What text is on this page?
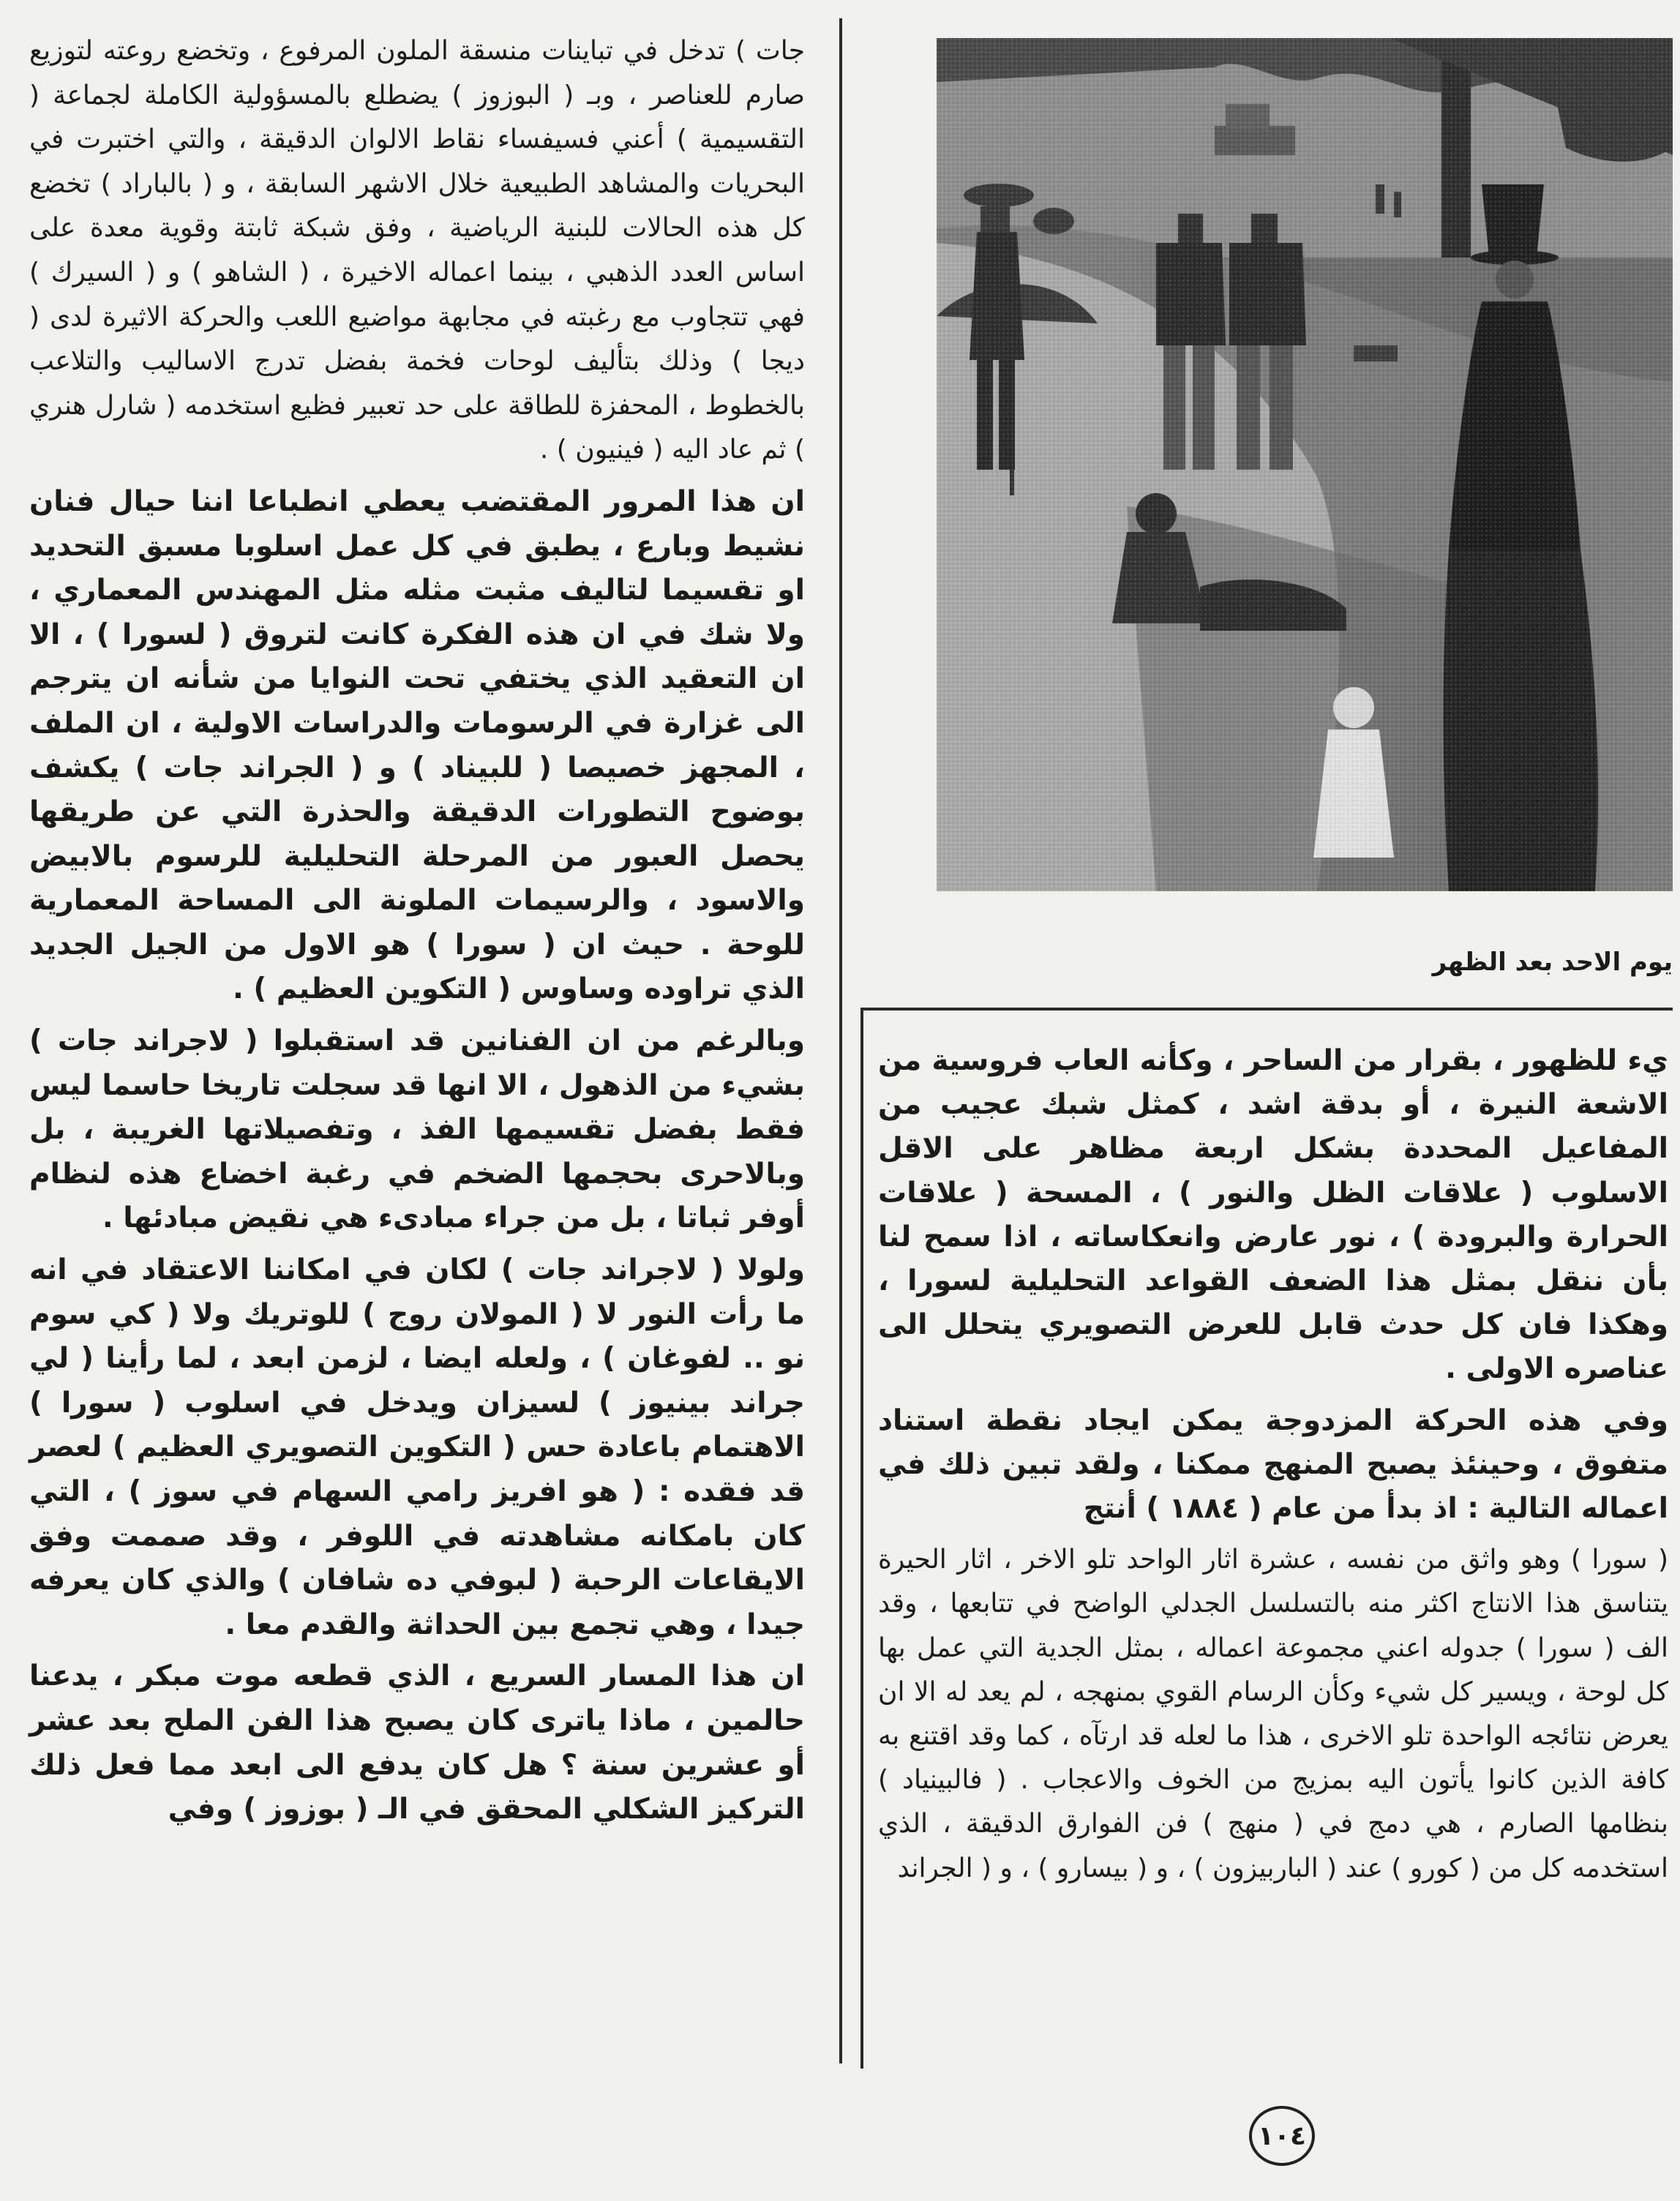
جات ) تدخل في تباينات منسقة الملون المرفوع ، وتخضع روعته لتوزيع صارم للعناصر ، وبـ ( البوزوز ) يضطلع بالمسؤولية الكاملة لجماعة ( التقسيمية ) أعني فسيفساء نقاط الالوان الدقيقة ، والتي اختبرت في البحريات والمشاهد الطبيعية خلال الاشهر السابقة ، و ( بالباراد ) تخضع كل هذه الحالات للبنية الرياضية ، وفق شبكة ثابتة وقوية معدة على اساس العدد الذهبي ، بينما اعماله الاخيرة ، ( الشاهو ) و ( السيرك ) فهي تتجاوب مع رغبته في مجابهة مواضيع اللعب والحركة الاثيرة لدى ( ديجا ) وذلك بتأليف لوحات فخمة بفضل تدرج الاساليب والتلاعب بالخطوط ، المحفزة للطاقة على حد تعبير فظيع استخدمه ( شارل هنري ) ثم عاد اليه ( فينيون ) .

ان هذا المرور المقتضب يعطي انطباعا اننا حيال فنان نشيط وبارع ، يطبق في كل عمل اسلوبا مسبق التحديد او تقسيما لتاليف مثبت مثله مثل المهندس المعماري ، ولا شك في ان هذه الفكرة كانت لتروق ( لسورا ) ، الا ان التعقيد الذي يختفي تحت النوايا من شأنه ان يترجم الى غزارة في الرسومات والدراسات الاولية ، ان الملف ، المجهز خصيصا ( للبيناد ) و ( الجراند جات ) يكشف بوضوح التطورات الدقيقة والحذرة التي عن طريقها يحصل العبور من المرحلة التحليلية للرسوم بالابيض والاسود ، والرسيمات الملونة الى المساحة المعمارية للوحة . حيث ان ( سورا ) هو الاول من الجيل الجديد الذي تراوده وساوس ( التكوين العظيم ) .

وبالرغم من ان الفنانين قد استقبلوا ( لاجراند جات ) بشيء من الذهول ، الا انها قد سجلت تاريخا حاسما ليس فقط بفضل تقسيمها الفذ ، وتفصيلاتها الغريبة ، بل وبالاحرى بحجمها الضخم في رغبة اخضاع هذه لنظام أوفر ثباتا ، بل من جراء مبادىء هي نقيض مبادئها .

ولولا ( لاجراند جات ) لكان في امكاننا الاعتقاد في انه ما رأت النور لا ( المولان روج ) للوتريك ولا ( كي سوم نو .. لفوغان ) ، ولعله ايضا ، لزمن ابعد ، لما رأينا ( لي جراند بينيوز ) لسيزان ويدخل في اسلوب ( سورا ) الاهتمام باعادة حس ( التكوين التصويري العظيم ) لعصر قد فقده : ( هو افريز رامي السهام في سوز ) ، التي كان بامكانه مشاهدته في اللوفر ، وقد صممت وفق الايقاعات الرحبة ( لبوفي ده شافان ) والذي كان يعرفه جيدا ، وهي تجمع بين الحداثة والقدم معا .

ان هذا المسار السريع ، الذي قطعه موت مبكر ، يدعنا حالمين ، ماذا ياترى كان يصبح هذا الفن الملح بعد عشر أو عشرين سنة ؟ هل كان يدفع الى ابعد مما فعل ذلك التركيز الشكلي المحقق في الـ ( بوزوز ) وفي

يوم الاحد بعد الظهر

يء للظهور ، بقرار من الساحر ، وكأنه العاب فروسية من الاشعة النيرة ، أو بدقة اشد ، كمثل شبك عجيب من المفاعيل المحددة بشكل اربعة مظاهر على الاقل الاسلوب ( علاقات الظل والنور ) ، المسحة ( علاقات الحرارة والبرودة ) ، نور عارض وانعكاساته ، اذا سمح لنا بأن ننقل بمثل هذا الضعف القواعد التحليلية لسورا ، وهكذا فان كل حدث قابل للعرض التصويري يتحلل الى عناصره الاولى .

وفي هذه الحركة المزدوجة يمكن ايجاد نقطة استناد متفوق ، وحينئذ يصبح المنهج ممكنا ، ولقد تبين ذلك في اعماله التالية : اذ بدأ من عام ( ١٨٨٤ ) أنتج

( سورا ) وهو واثق من نفسه ، عشرة اثار الواحد تلو الاخر ، اثار الحيرة يتناسق هذا الانتاج اكثر منه بالتسلسل الجدلي الواضح في تتابعها ، وقد الف ( سورا ) جدوله اعني مجموعة اعماله ، بمثل الجدية التي عمل بها كل لوحة ، ويسير كل شيء وكأن الرسام القوي بمنهجه ، لم يعد له الا ان يعرض نتائجه الواحدة تلو الاخرى ، هذا ما لعله قد ارتآه ، كما وقد اقتنع به كافة الذين كانوا يأتون اليه بمزيج من الخوف والاعجاب . ( فالبينياد ) بنظامها الصارم ، هي دمج في ( منهج ) فن الفوارق الدقيقة ، الذي استخدمه كل من ( كورو ) عند ( الباربيزون ) ، و ( بيسارو ) ، و ( الجراند

١٠٤
